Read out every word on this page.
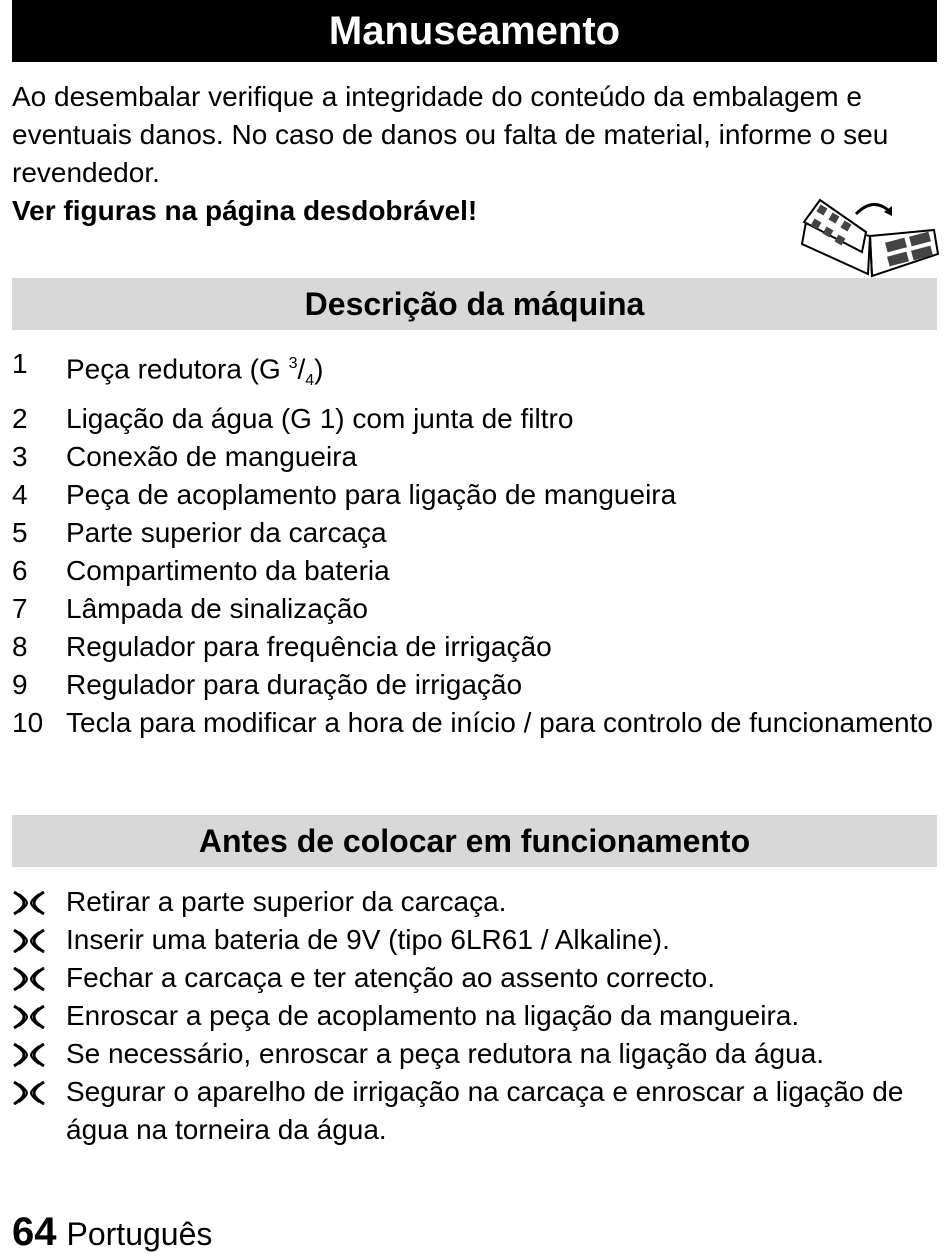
Manuseamento

Ao desembalar verifique a integridade do conteúdo da embalagem e eventuais danos. No caso de danos ou falta de material, informe o seu revendedor.

Ver figuras na página desdobrável!

Descrição da máquina
1	Peça redutora (G $^3/_4$)
2	Ligação da água (G 1) com junta de filtro
3	Conexão de mangueira
4	Peça de acoplamento para ligação de mangueira
5	Parte superior da carcaça
6	Compartimento da bateria
7	Lâmpada de sinalização
8	Regulador para frequência de irrigação
9	Regulador para duração de irrigação
10 Tecla para modificar a hora de início / para controlo de funcionamento
Antes de colocar em funcionamento
Retirar a parte superior da carcaça.
Inserir uma bateria de 9V (tipo 6LR61 / Alkaline).
Fechar a carcaça e ter atenção ao assento correcto.
Enroscar a peça de acoplamento na ligação da mangueira.
Se necessário, enroscar a peça redutora na ligação da água.
Segurar o aparelho de irrigação na carcaça e enroscar a ligação de água na torneira da água.
64 Português
